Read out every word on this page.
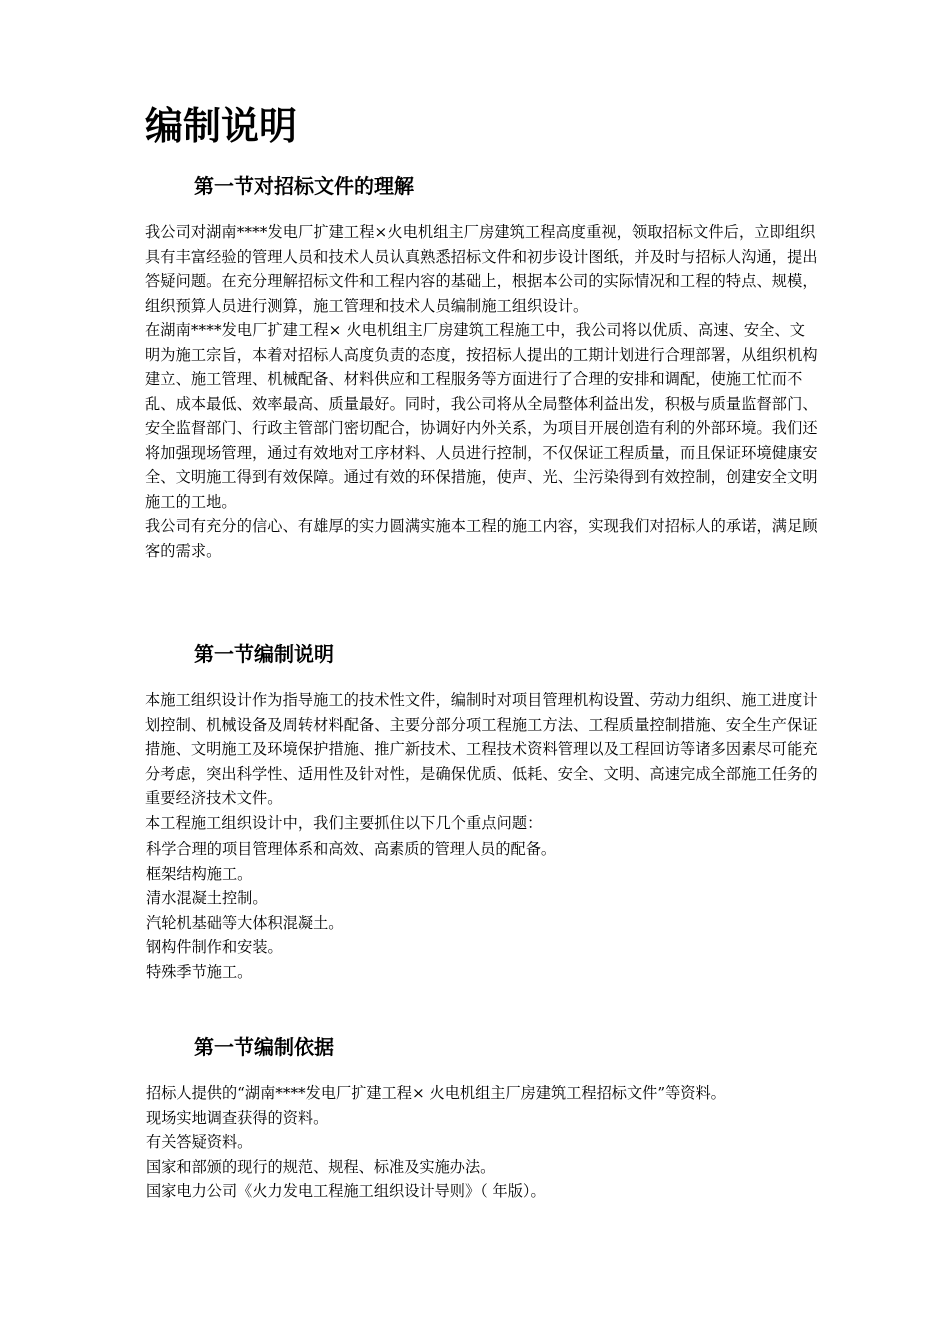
编制说明
第一节对招标文件的理解

我公司对湖南****发电厂扩建工程×火电机组主厂房建筑工程高度重视，领取招标文件后，立即组织具有丰富经验的管理人员和技术人员认真熟悉招标文件和初步设计图纸，并及时与招标人沟通，提出答疑问题。在充分理解招标文件和工程内容的基础上，根据本公司的实际情况和工程的特点、规模，组织预算人员进行测算，施工管理和技术人员编制施工组织设计。

在湖南****发电厂扩建工程× 火电机组主厂房建筑工程施工中，我公司将以优质、高速、安全、文明为施工宗旨，本着对招标人高度负责的态度，按招标人提出的工期计划进行合理部署，从组织机构建立、施工管理、机械配备、材料供应和工程服务等方面进行了合理的安排和调配，使施工忙而不乱、成本最低、效率最高、质量最好。同时，我公司将从全局整体利益出发，积极与质量监督部门、安全监督部门、行政主管部门密切配合，协调好内外关系，为项目开展创造有利的外部环境。我们还将加强现场管理，通过有效地对工序材料、人员进行控制，不仅保证工程质量，而且保证环境健康安全、文明施工得到有效保障。通过有效的环保措施，使声、光、尘污染得到有效控制，创建安全文明施工的工地。

我公司有充分的信心、有雄厚的实力圆满实施本工程的施工内容，实现我们对招标人的承诺，满足顾客的需求。

第一节编制说明

本施工组织设计作为指导施工的技术性文件，编制时对项目管理机构设置、劳动力组织、施工进度计划控制、机械设备及周转材料配备、主要分部分项工程施工方法、工程质量控制措施、安全生产保证措施、文明施工及环境保护措施、推广新技术、工程技术资料管理以及工程回访等诸多因素尽可能充分考虑，突出科学性、适用性及针对性，是确保优质、低耗、安全、文明、高速完成全部施工任务的重要经济技术文件。

本工程施工组织设计中，我们主要抓住以下几个重点问题：

科学合理的项目管理体系和高效、高素质的管理人员的配备。
框架结构施工。
清水混凝土控制。
汽轮机基础等大体积混凝土。
钢构件制作和安装。
特殊季节施工。
第一节编制依据
招标人提供的“湖南****发电厂扩建工程× 火电机组主厂房建筑工程招标文件”等资料。
现场实地调查获得的资料。
有关答疑资料。
国家和部颁的现行的规范、规程、标准及实施办法。
国家电力公司《火力发电工程施工组织设计导则》（ 年版）。
